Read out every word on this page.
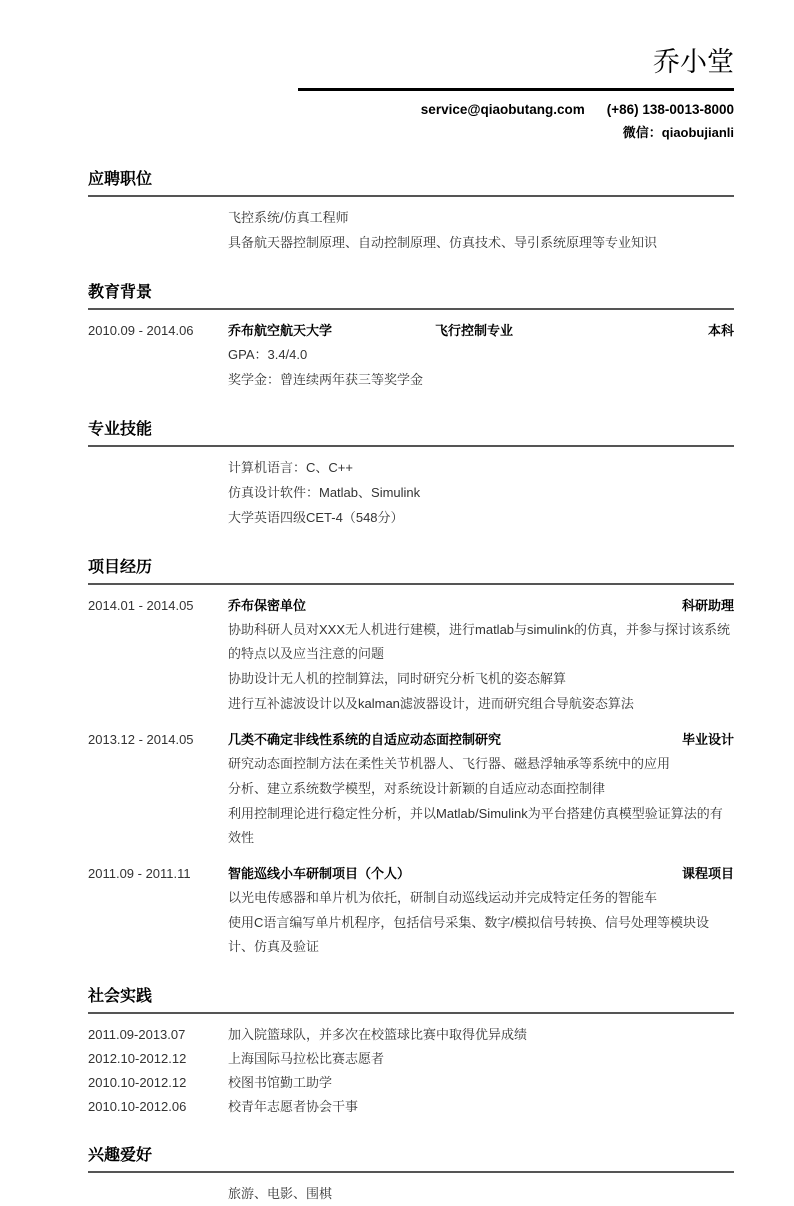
乔小堂
service@qiaobutang.com (+86) 138-0013-8000
微信：qiaobujianli
应聘职位

飞控系统/仿真工程师

具备航天器控制原理、自动控制原理、仿真技术、导引系统原理等专业知识

教育背景
2010.09 - 2014.06	乔布航空航天大学	飞行控制专业	本科

GPA：3.4/4.0

奖学金：曾连续两年获三等奖学金

专业技能

计算机语言：C、C++

仿真设计软件：Matlab、Simulink

大学英语四级CET-4（548分）

项目经历
2014.01 - 2014.05	乔布保密单位	科研助理

协助科研人员对XXX无人机进行建模，进行matlab与simulink的仿真，并参与探讨该系统的特点以及应当注意的问题

协助设计无人机的控制算法，同时研究分析飞机的姿态解算

进行互补滤波设计以及kalman滤波器设计，进而研究组合导航姿态算法

2013.12 - 2014.05	几类不确定非线性系统的自适应动态面控制研究	毕业设计

研究动态面控制方法在柔性关节机器人、飞行器、磁悬浮轴承等系统中的应用

分析、建立系统数学模型，对系统设计新颖的自适应动态面控制律

利用控制理论进行稳定性分析，并以Matlab/Simulink为平台搭建仿真模型验证算法的有效性

2011.09 - 2011.11	智能巡线小车研制项目（个人）	课程项目

以光电传感器和单片机为依托，研制自动巡线运动并完成特定任务的智能车

使用C语言编写单片机程序，包括信号采集、数字/模拟信号转换、信号处理等模块设计、仿真及验证

社会实践
2011.09-2013.07	加入院篮球队，并多次在校篮球比赛中取得优异成绩
2012.10-2012.12	上海国际马拉松比赛志愿者
2010.10-2012.12	校图书馆勤工助学
2010.10-2012.06	校青年志愿者协会干事
兴趣爱好
旅游、电影、围棋
